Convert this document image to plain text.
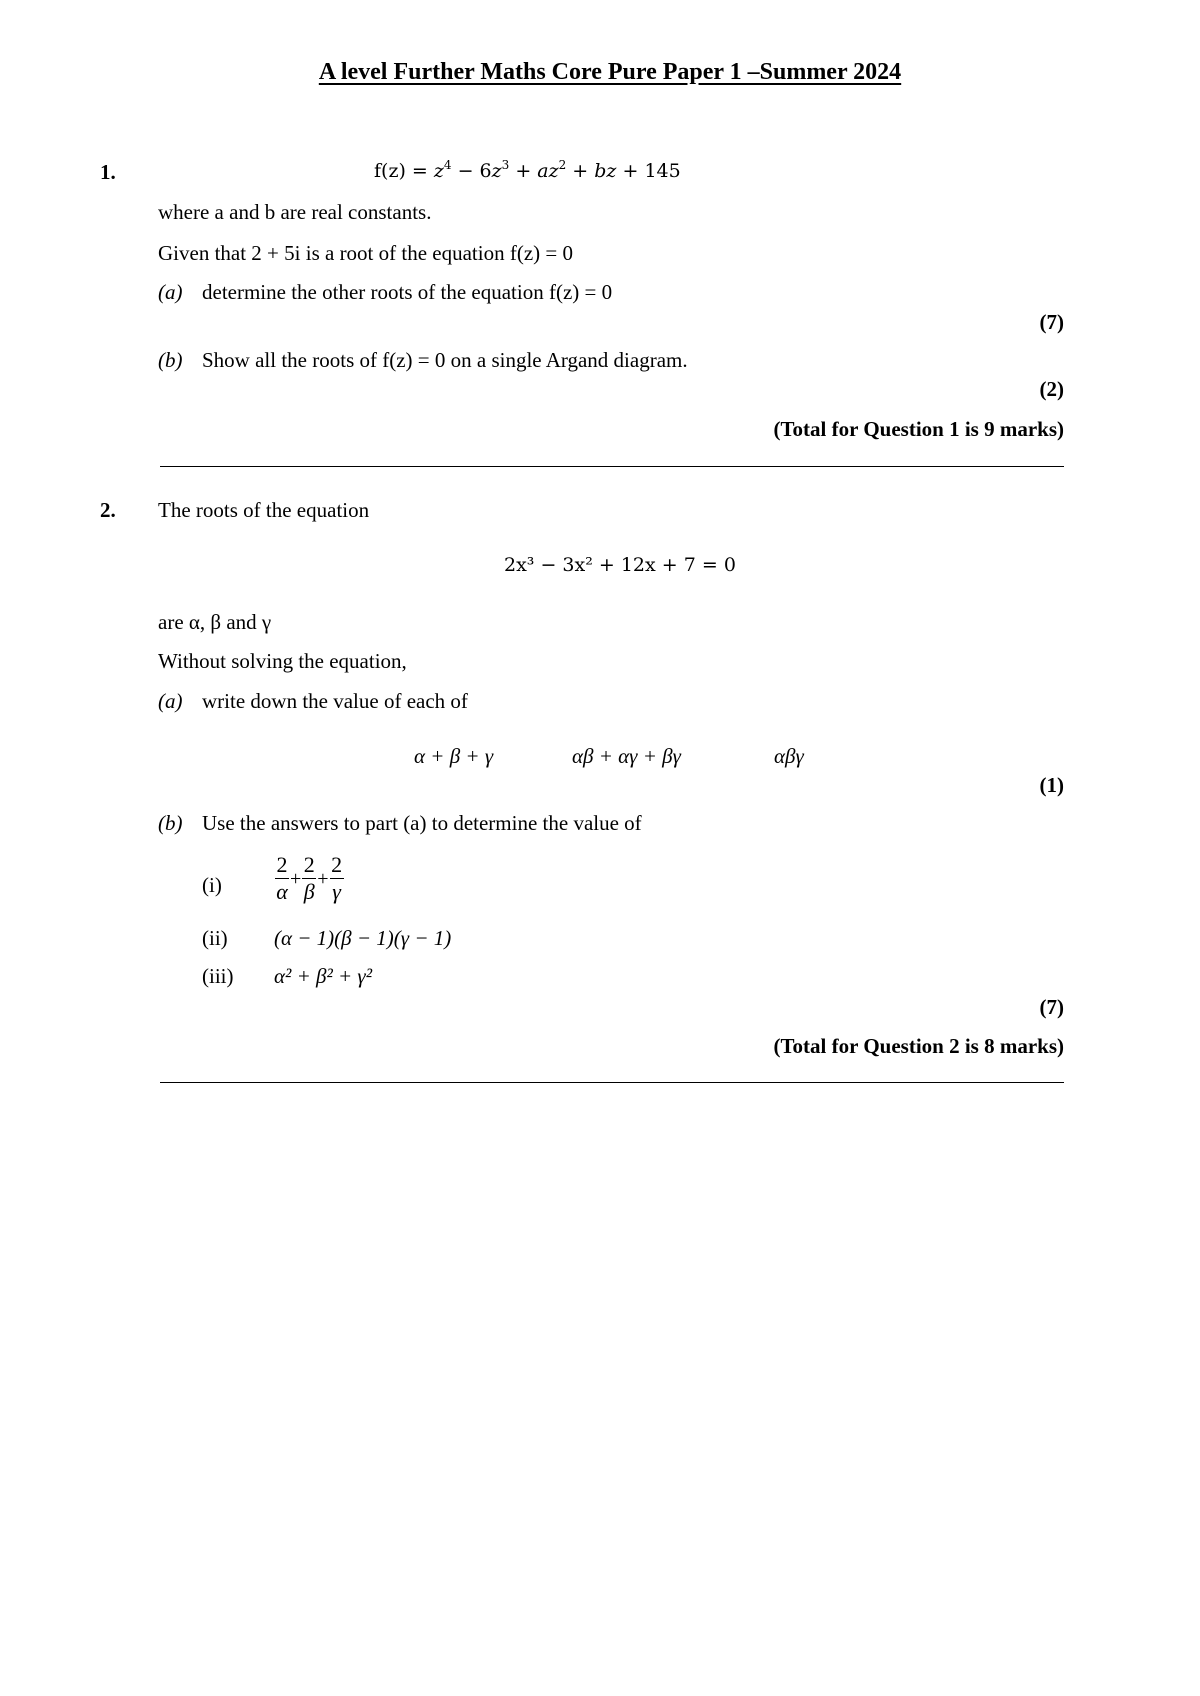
A level Further Maths Core Pure Paper 1 –Summer 2024
1.	$f(z) = z^4 - 6z^3 + az^2$ + bz + 145
where a and b are real constants.
Given that 2 + 5i is a root of the equation f(z) = 0
(a) determine the other roots of the equation f(z) = 0
(7)
(b) Show all the roots of f(z) = 0 on a single Argand diagram.
(2)
(Total for Question 1 is 9 marks)
2. The roots of the equation
2x³ − 3x² + 12x + 7 = 0
are α, β and γ
Without solving the equation,
(a) write down the value of each of
α + β + γ	αβ + αγ + βγ	αβγ
(1)
(b) Use the answers to part (a) to determine the value of
$(i) \frac{2}{\alpha} + \frac{2}{\beta} + \frac{2}{\gamma}$
(ii) (α − 1)(β − 1)(γ − 1)
(iii) α² + β² + γ²
(7)
(Total for Question 2 is 8 marks)
